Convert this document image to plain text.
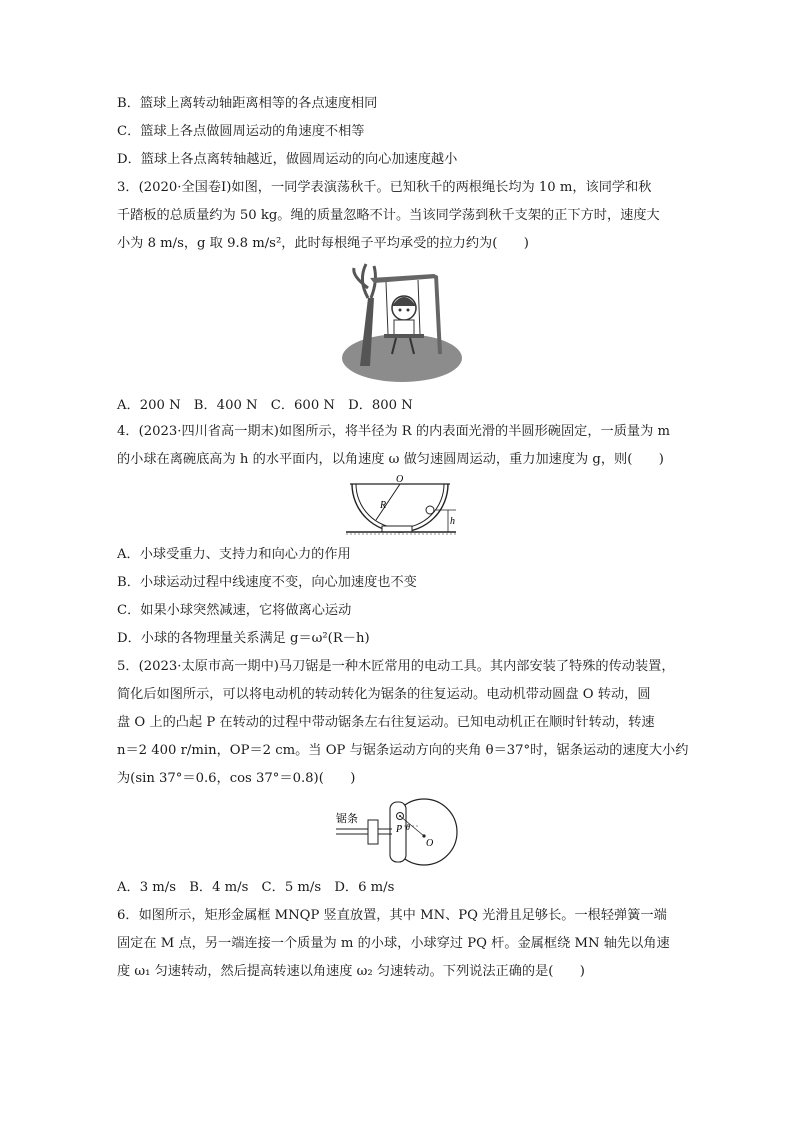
B．篮球上离转动轴距离相等的各点速度相同
C．篮球上各点做圆周运动的角速度不相等
D．篮球上各点离转轴越近，做圆周运动的向心加速度越小
3．(2020·全国卷Ⅰ)如图，一同学表演荡秋千。已知秋千的两根绳长均为 10 m，该同学和秋
千踏板的总质量约为 50 kg。绳的质量忽略不计。当该同学荡到秋千支架的正下方时，速度大
小为 8 m/s，g 取 9.8 m/s²，此时每根绳子平均承受的拉力约为(　　)
A．200 N　B．400 N　C．600 N　D．800 N
4．(2023·四川省高一期末)如图所示，将半径为 R 的内表面光滑的半圆形碗固定，一质量为 m
的小球在离碗底高为 h 的水平面内，以角速度 ω 做匀速圆周运动，重力加速度为 g，则(　　)
O
R
h
A．小球受重力、支持力和向心力的作用
B．小球运动过程中线速度不变，向心加速度也不变
C．如果小球突然减速，它将做离心运动
D．小球的各物理量关系满足 g＝ω²(R－h)
5．(2023·太原市高一期中)马刀锯是一种木匠常用的电动工具。其内部安装了特殊的传动装置，
简化后如图所示，可以将电动机的转动转化为锯条的往复运动。电动机带动圆盘 O 转动，圆
盘 O 上的凸起 P 在转动的过程中带动锯条左右往复运动。已知电动机正在顺时针转动，转速
n＝2 400 r/min，OP＝2 cm。当 OP 与锯条运动方向的夹角 θ＝37°时，锯条运动的速度大小约
为(sin 37°＝0.6，cos 37°＝0.8)(　　)
锯条
P θ
O
A．3 m/s　B．4 m/s　C．5 m/s　D．6 m/s
6．如图所示，矩形金属框 MNQP 竖直放置，其中 MN、PQ 光滑且足够长。一根轻弹簧一端
固定在 M 点，另一端连接一个质量为 m 的小球，小球穿过 PQ 杆。金属框绕 MN 轴先以角速
度 ω₁ 匀速转动，然后提高转速以角速度 ω₂ 匀速转动。下列说法正确的是(　　)
